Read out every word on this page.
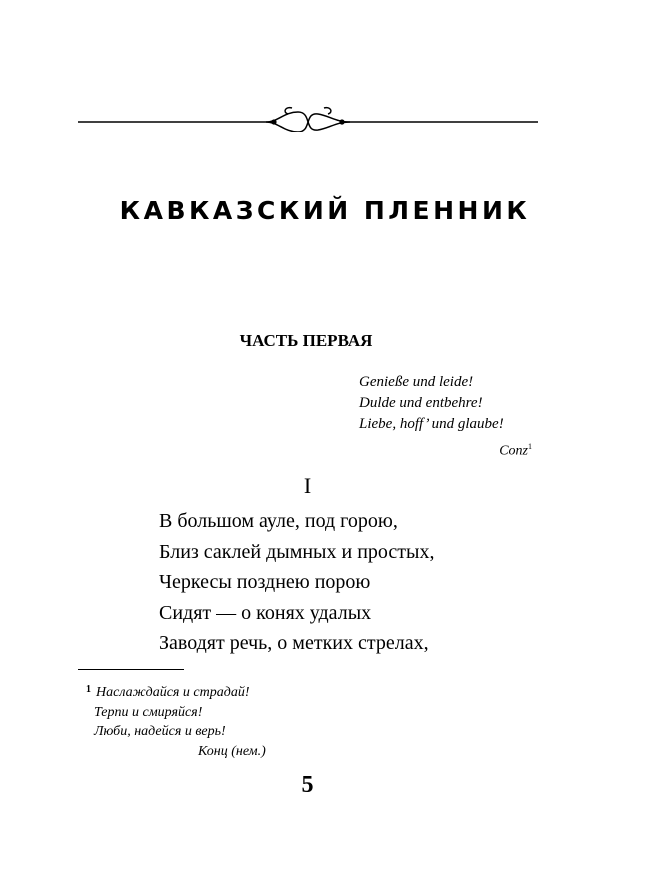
КАВКАЗСКИЙ ПЛЕННИК
ЧАСТЬ ПЕРВАЯ
Genieße und leide!
Dulde und entbehre!
Liebe, hoff’ und glaube!
Conz$^1$
I
В большом ауле, под горою,
Близ саклей дымных и простых,
Черкесы позднею порою
Сидят — о конях удалых
Заводят речь, о метких стрелах,
$^1$ Наслаждайся и страдай!
Терпи и смиряйся!
Люби, надейся и верь!
Конц (нем.)
5
